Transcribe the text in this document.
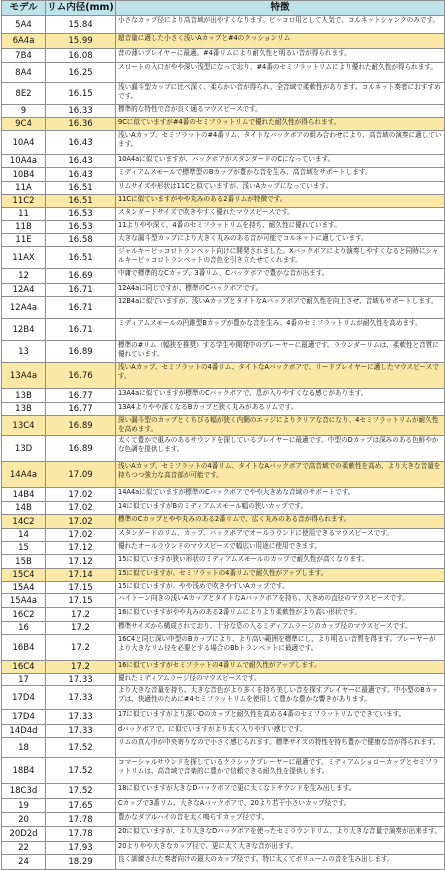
モデル	リム内径(mm)	特徴
5A4	15.84	小さなカップ径により高音域が出やすくなります。ピッコロ用として人気で、コルネットシャンクのみです。
6A4a	15.99	超音量に適した小さく浅いAカップと#4のクッションリム
7B4	16.08	昔の薄いプレイヤーに最適。#4番リムにより耐久性と明るい音が得られます。
8A4	16.25	スロートの入口がやや深い浅型になっており、#4番のセミフラットリムにより優れた耐久性が得られます。
8E2	16.15	浅い漏斗型カップに比べ深く、柔らかい音が得られ、全音域で柔軟性があります。コルネット奏者におすすめです。
9	16.33	標準的な特性で音が良く通るマウスピースです。
9C4	16.36	9Cに似ていますが#4番のセミフラットリムで優れた耐久性が得られます。
10A4	16.43	浅いAカップ、セミフラットの#4番リム、タイトなバックボアの組み合わせにより、高音域の演奏に適しています。
10A4a	16.43	10A4aに似ていますが、バックボアがスタンダードのCになっています。
10B4	16.43	ミディアムスモールで標準型のBカップが豊かな音を生み、高音域をサポートします。
11A	16.51	リムサイズや形状は11Cと似ていますが、浅いAカップになっています。
11C2	16.51	11Cに似ていますがやや丸みのある2番リムが特徴です。
11	16.53	スタンダードサイズで吹きやすく優れたマウスピースです。
11B	16.53	11よりやや深く、4番のセミフラットリムを持ち、耐久性に優れています。
11E	16.58	大きな漏斗型カップにより大きく丸みのある音が可能でコルネットに適しています。
11AX	16.51	ジャルキーピッコロトランペット向けに開発されました。Xバックボアにより演奏しやすくなると同時にシャルキーピッコロトランペットの音色を引き立たせてくれます。
12	16.69	中庸で標準的なCカップ、3番リム、Cバックボアで豊かな音が出ます。
12A4	16.71	12A4aに同じですが、標準のCバックボアです。
12A4a	16.71	12B4aに似ていますが、浅いAカップとタイトなAバックボアで耐久性を向上させ、音域もサポートします。
12B4	16.71	ミディアムスモールの円錐型Bカップが豊かな音を生み、4番のセミフラットリムが耐久性を高めます。
13	16.89	標準の#リム（幅狭を推奨）する学生や開発中のプレーヤーに最適です。ラウンダーリムは、柔軟性と音質に優れています。
13A4a	16.76	浅いAカップ、セミフラットの4番リム、タイトなAバックボアで、リードプレイヤーに適したマウスピースです。
13B	16.77	13A4aに似ていますが標準のCバックボアで、息が入りやすくなる感じがあります。
13B	16.77	13A4よりやや深くなるBカップと狭く丸みがあるリムです。
13C4	16.89	深い漏斗型のカップとくちびる幅が狭く内側のエッジによりクリアな音になり、4セミフラットリムが耐久性を高めます。
13D	16.89	太くて豊かで重みのあるサウンドを探しているプレイヤーに最適です。中型のDカップは深みのある色鮮やかな色調を提供します。
14A4a	17.09	浅いAカップ、セミフラットの4番リム、タイトなAバックボアで高音域での柔軟性を高め、より大きな音量を持ちつつ強力な高音部が可能です。
14B4	17.02	14A4aに似ていますが標準のCバックボアでやや大きめな音域のサポートです。
14B	17.02	14に似ていますがBのミディアムスモール幅の狭いカップです。
14C2	17.02	標準のCカップとやや丸みのある2番リムで、広く丸みのある音が得られます。
14	17.02	スタンダードのリム、カップ、バックボアでオールラウンドに使用できるマウスピースです。
15	17.12	優れたオールラウンドのマウスピースで幅広い用途に使用できます。
15B	17.12	15に似ていますが狭い形状のミディアムスモールのカップで耐久性が高くなります。
15C4	17.14	15に似ていますが、セミフラットの4番リムで耐久性がアップします。
15A4	17.15	15に似ていますが、やや浅めで吹きやすいAカップです。
15A4a	17.15	ハイトーン向きの浅いAカップとタイトなAバックボアを持ち、大きめの直径のマウスピースです。
16C2	17.2	16に似ていますがやや丸みのある2番リムによりより柔軟性がより高い形状です。
16	17.2	標準サイズから構成されており、十分な息の入るミディアムラージのカップ径のマウスピースです。
16B4	17.2	16C4と同じ深い中型のBカップにより、より高い範囲を標準にし、より明るい音質を得ます。プレーヤーがより大きなリム径を必要とする場合のBbトランペットに最適です。
16C4	17.2	16に似ていますがセミフラットの4番リムで耐久性がアップします。
17	17.33	優れたミディアムラージ径のマウスピースです。
17D4	17.33	より大きな音量を持ち、大きな音色がより多くを持ち美しい音を探すプレイヤーに最適です。中小型のBカップは、快適性のために#4セミフラットリムを使用して豊かな豊かな響きがあります。
17D4	17.33	17に似ていますがより深いDのカップと耐久性を高める4番のセミフラットリムでできています。
14D4d	17.33	dバックボアで、に似ていますがより太く入りやすい感じです。
18	17.52	リムの真ん中が中央寄りなので小さく感じられます。標準サイズの特性を持ち豊かで健康な音が得られます。
18B4	17.52	コマーシャルサウンドを探しているクラシックプレーヤーに最適です。ミディアムショローカップとセミフラットリムは、高音域で音楽的に豊かで信頼できる耐久性を提供します。
18C3d	17.52	18に似ていますが大きなDバックボアで更に太くなドサウンドを生み出します。
19	17.65	Cカップで3番リム、大きなAバックボアで、20より若干小さいカップ径です。
20	17.78	豊かなダブルハイの音を太く鳴らすカップ径です。
20D2d	17.78	20に似ていますが、より大きなDバックボアを使ったセミラウンドリム、より大きな音量で演奏が出来ます。
22	17.93	20よりやや大きなカップ径で、更に太く大きな音が出ます。
24	18.29	良く訓練された奏者向けの最大のカップ径です。特に太くてボリュームの音を生み出します。
